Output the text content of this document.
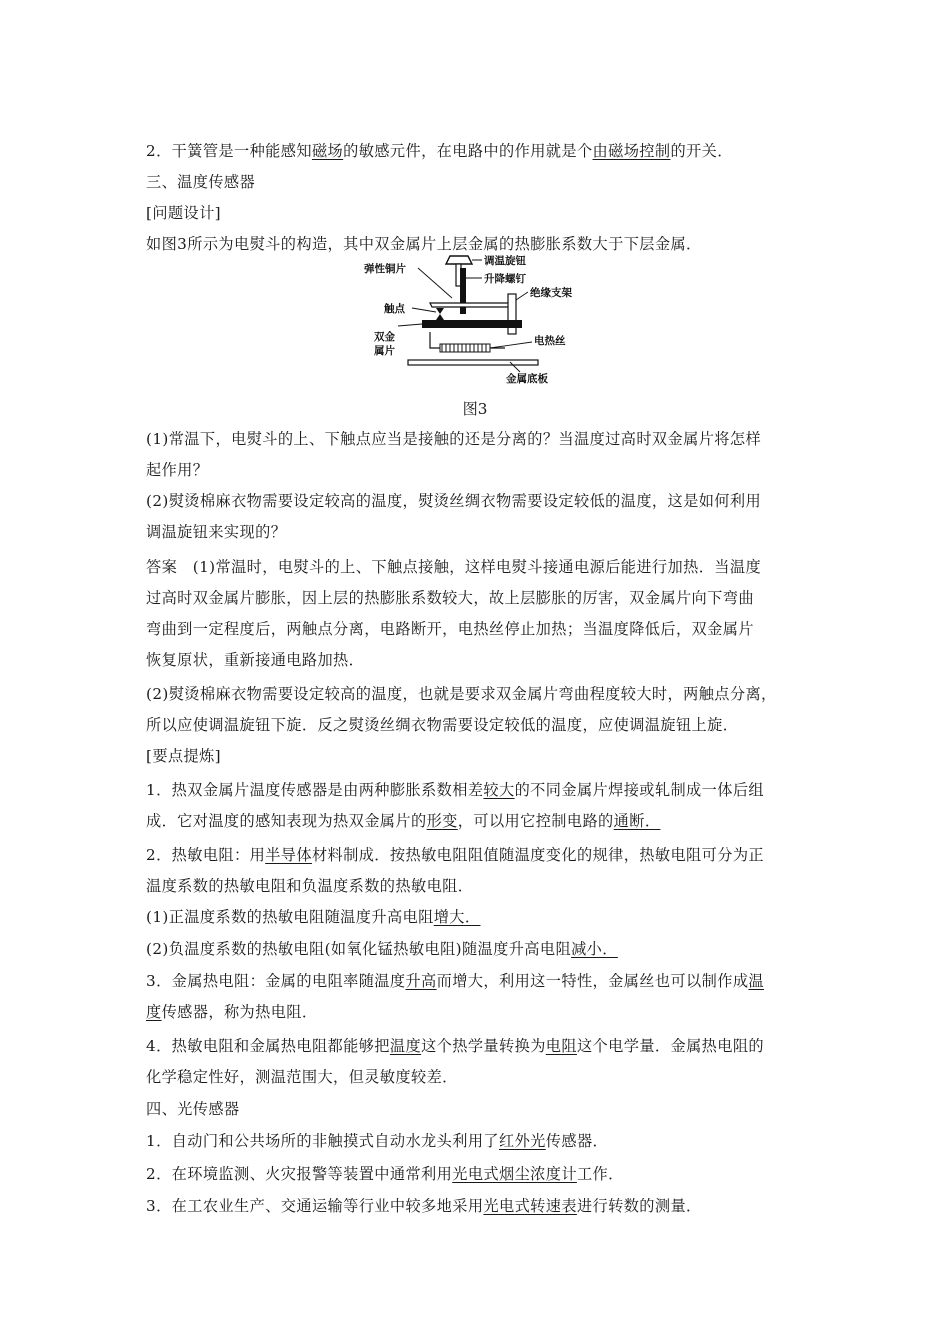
2．干簧管是一种能感知磁场的敏感元件，在电路中的作用就是个由磁场控制的开关．
三、温度传感器
[问题设计]
如图3所示为电熨斗的构造，其中双金属片上层金属的热膨胀系数大于下层金属．
(1)常温下，电熨斗的上、下触点应当是接触的还是分离的？当温度过高时双金属片将怎样
起作用？
(2)熨烫棉麻衣物需要设定较高的温度，熨烫丝绸衣物需要设定较低的温度，这是如何利用
调温旋钮来实现的？
答案　(1)常温时，电熨斗的上、下触点接触，这样电熨斗接通电源后能进行加热．当温度
过高时双金属片膨胀，因上层的热膨胀系数较大，故上层膨胀的厉害，双金属片向下弯曲
弯曲到一定程度后，两触点分离，电路断开，电热丝停止加热；当温度降低后，双金属片
恢复原状，重新接通电路加热．
(2)熨烫棉麻衣物需要设定较高的温度，也就是要求双金属片弯曲程度较大时，两触点分离，
所以应使调温旋钮下旋．反之熨烫丝绸衣物需要设定较低的温度，应使调温旋钮上旋．
[要点提炼]
1．热双金属片温度传感器是由两种膨胀系数相差较大的不同金属片焊接或轧制成一体后组
成．它对温度的感知表现为热双金属片的形变，可以用它控制电路的通断．
2．热敏电阻：用半导体材料制成．按热敏电阻阻值随温度变化的规律，热敏电阻可分为正
温度系数的热敏电阻和负温度系数的热敏电阻．
(1)正温度系数的热敏电阻随温度升高电阻增大．
(2)负温度系数的热敏电阻(如氧化锰热敏电阻)随温度升高电阻减小．
3．金属热电阻：金属的电阻率随温度升高而增大，利用这一特性，金属丝也可以制作成温
度传感器，称为热电阻．
4．热敏电阻和金属热电阻都能够把温度这个热学量转换为电阻这个电学量．金属热电阻的
化学稳定性好，测温范围大，但灵敏度较差．
四、光传感器
1．自动门和公共场所的非触摸式自动水龙头利用了红外光传感器．
2．在环境监测、火灾报警等装置中通常利用光电式烟尘浓度计工作．
3．在工农业生产、交通运输等行业中较多地采用光电式转速表进行转数的测量．
调温旋钮
升降螺钉
弹性铜片
绝缘支架
触点
双金
属片
电热丝
金属底板
图3
